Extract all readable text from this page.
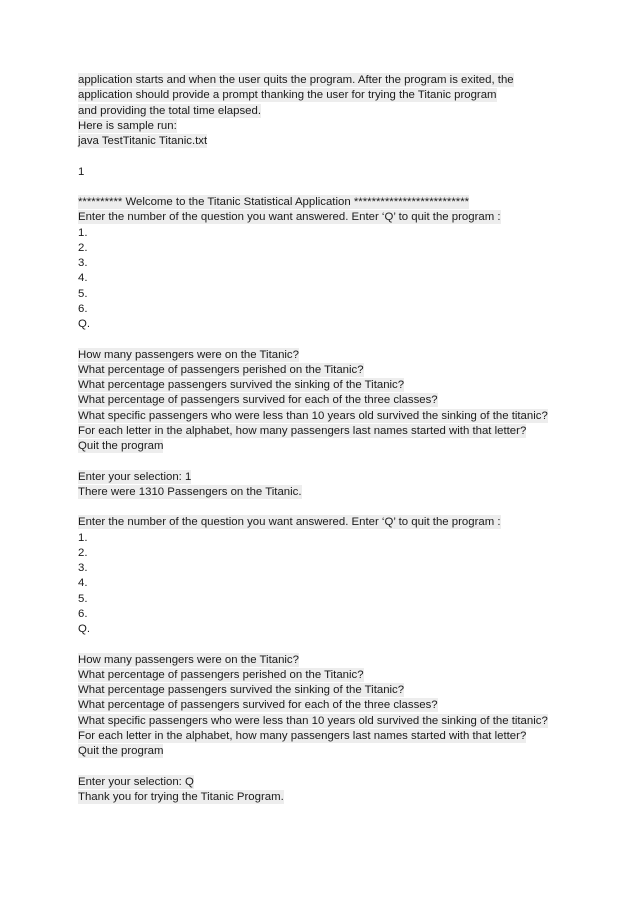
application starts and when the user quits the program. After the program is exited, the
application should provide a prompt thanking the user for trying the Titanic program
and providing the total time elapsed.
Here is sample run:
java TestTitanic Titanic.txt
1
********** Welcome to the Titanic Statistical Application **************************
Enter the number of the question you want answered. Enter ‘Q’ to quit the program :
1.
2.
3.
4.
5.
6.
Q.
How many passengers were on the Titanic?
What percentage of passengers perished on the Titanic?
What percentage passengers survived the sinking of the Titanic?
What percentage of passengers survived for each of the three classes?
What specific passengers who were less than 10 years old survived the sinking of the titanic?
For each letter in the alphabet, how many passengers last names started with that letter?
Quit the program
Enter your selection: 1
There were 1310 Passengers on the Titanic.
Enter the number of the question you want answered. Enter ‘Q’ to quit the program :
1.
2.
3.
4.
5.
6.
Q.
How many passengers were on the Titanic?
What percentage of passengers perished on the Titanic?
What percentage passengers survived the sinking of the Titanic?
What percentage of passengers survived for each of the three classes?
What specific passengers who were less than 10 years old survived the sinking of the titanic?
For each letter in the alphabet, how many passengers last names started with that letter?
Quit the program
Enter your selection: Q
Thank you for trying the Titanic Program.
